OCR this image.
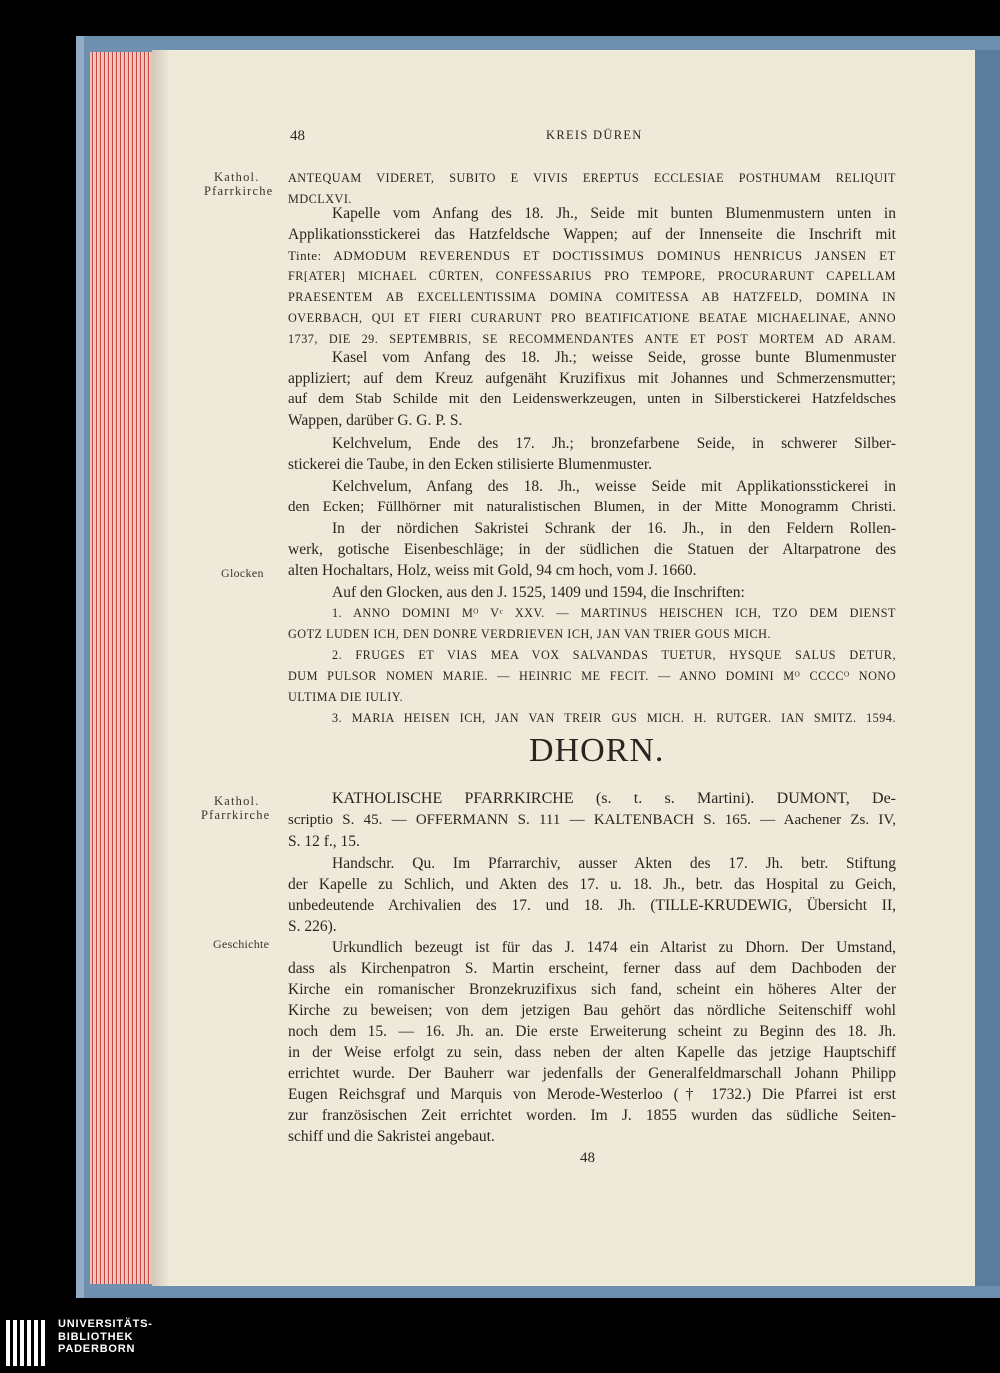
48	KREIS DÜREN
Kathol.
Pfarrkirche
Glocken
Kathol.
Pfarrkirche
Geschichte
ANTEQUAM VIDERET, SUBITO E VIVIS EREPTUS ECCLESIAE POSTHUMAM RELIQUIT
MDCLXVI.
Kapelle vom Anfang des 18. Jh., Seide mit bunten Blumenmustern unten in
Applikationsstickerei das Hatzfeldsche Wappen; auf der Innenseite die Inschrift mit
Tinte: ADMODUM REVERENDUS ET DOCTISSIMUS DOMINUS HENRICUS JANSEN ET
FR[ATER] MICHAEL CÜRTEN, CONFESSARIUS PRO TEMPORE, PROCURARUNT CAPELLAM
PRAESENTEM AB EXCELLENTISSIMA DOMINA COMITESSA AB HATZFELD, DOMINA IN
OVERBACH, QUI ET FIERI CURARUNT PRO BEATIFICATIONE BEATAE MICHAELINAE, ANNO
1737, DIE 29. SEPTEMBRIS, SE RECOMMENDANTES ANTE ET POST MORTEM AD ARAM.
Kasel vom Anfang des 18. Jh.; weisse Seide, grosse bunte Blumenmuster
appliziert; auf dem Kreuz aufgenäht Kruzifixus mit Johannes und Schmerzensmutter;
auf dem Stab Schilde mit den Leidenswerkzeugen, unten in Silberstickerei Hatzfeldsches
Wappen, darüber G. G. P. S.
Kelchvelum, Ende des 17. Jh.; bronzefarbene Seide, in schwerer Silber-
stickerei die Taube, in den Ecken stilisierte Blumenmuster.
Kelchvelum, Anfang des 18. Jh., weisse Seide mit Applikationsstickerei in
den Ecken; Füllhörner mit naturalistischen Blumen, in der Mitte Monogramm Christi.
In der nördichen Sakristei Schrank der 16. Jh., in den Feldern Rollen-
werk, gotische Eisenbeschläge; in der südlichen die Statuen der Altarpatrone des
alten Hochaltars, Holz, weiss mit Gold, 94 cm hoch, vom J. 1660.
Auf den Glocken, aus den J. 1525, 1409 und 1594, die Inschriften:
1. ANNO DOMINI Mᴼ Vᶜ XXV. — MARTINUS HEISCHEN ICH, TZO DEM DIENST
GOTZ LUDEN ICH, DEN DONRE VERDRIEVEN ICH, JAN VAN TRIER GOUS MICH.
2. FRUGES ET VIAS MEA VOX SALVANDAS TUETUR, HYSQUE SALUS DETUR,
DUM PULSOR NOMEN MARIE. — HEINRIC ME FECIT. — ANNO DOMINI Mᴼ CCCCᴼ NONO
ULTIMA DIE IULIY.
3. MARIA HEISEN ICH, JAN VAN TREIR GUS MICH. H. RUTGER. IAN SMITZ. 1594.
DHORN.
KATHOLISCHE PFARRKIRCHE (s. t. s. Martini). DUMONT, De-
scriptio S. 45. — OFFERMANN S. 111 — KALTENBACH S. 165. — Aachener Zs. IV,
S. 12 f., 15.
Handschr. Qu. Im Pfarrarchiv, ausser Akten des 17. Jh. betr. Stiftung
der Kapelle zu Schlich, und Akten des 17. u. 18. Jh., betr. das Hospital zu Geich,
unbedeutende Archivalien des 17. und 18. Jh. (TILLE-KRUDEWIG, Übersicht II,
S. 226).
Urkundlich bezeugt ist für das J. 1474 ein Altarist zu Dhorn. Der Umstand,
dass als Kirchenpatron S. Martin erscheint, ferner dass auf dem Dachboden der
Kirche ein romanischer Bronzekruzifixus sich fand, scheint ein höheres Alter der
Kirche zu beweisen; von dem jetzigen Bau gehört das nördliche Seitenschiff wohl
noch dem 15. — 16. Jh. an. Die erste Erweiterung scheint zu Beginn des 18. Jh.
in der Weise erfolgt zu sein, dass neben der alten Kapelle das jetzige Hauptschiff
errichtet wurde. Der Bauherr war jedenfalls der Generalfeldmarschall Johann Philipp
Eugen Reichsgraf und Marquis von Merode-Westerloo († 1732.) Die Pfarrei ist erst
zur französischen Zeit errichtet worden. Im J. 1855 wurden das südliche Seiten-
schiff und die Sakristei angebaut.
48
UNIVERSITÄTS-
BIBLIOTHEK
PADERBORN
